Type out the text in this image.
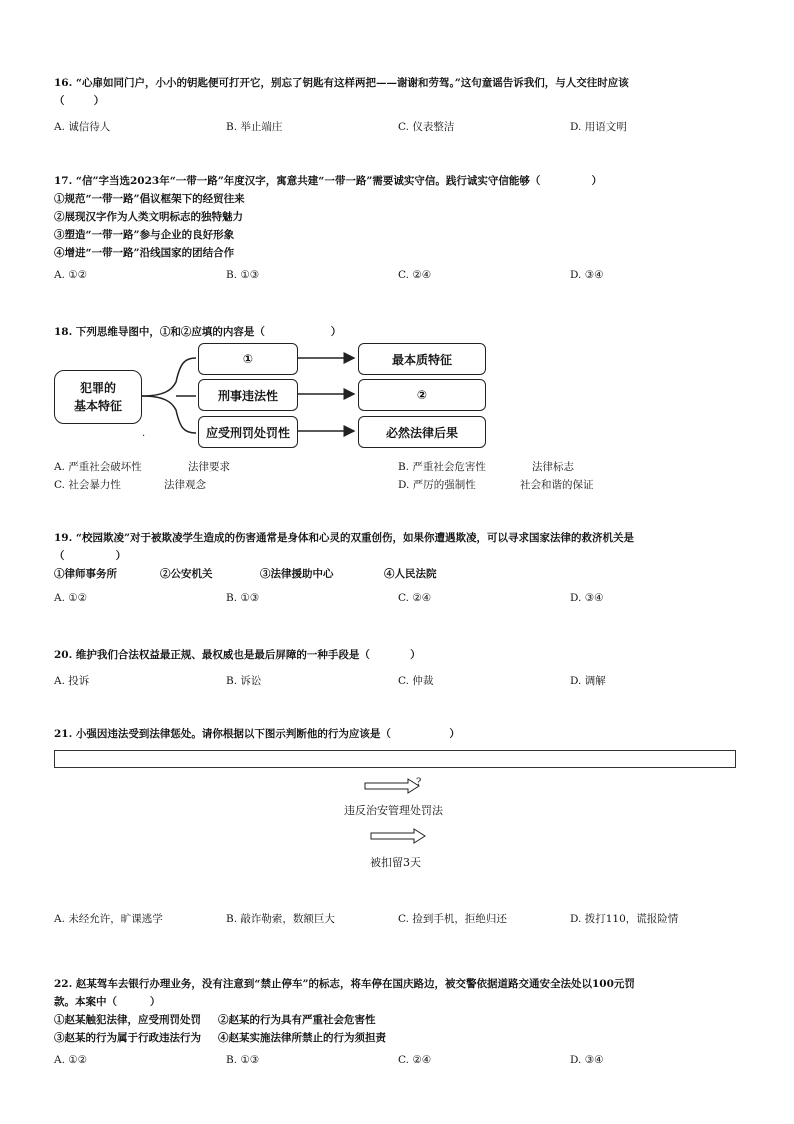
16. “心扉如同门户，小小的钥匙便可打开它，别忘了钥匙有这样两把——谢谢和劳驾。”这句童谣告诉我们，与人交往时应该
（        ）
A. 诚信待人	B. 举止端庄	C. 仪表整洁	D. 用语文明
17. “信”字当选2023年“一带一路”年度汉字，寓意共建“一带一路”需要诚实守信。践行诚实守信能够（              ）
①规范“一带一路”倡议框架下的经贸往来
②展现汉字作为人类文明标志的独特魅力
③塑造“一带一路”参与企业的良好形象
④增进“一带一路”沿线国家的团结合作
A. ①②	B. ①③	C. ②④	D. ③④
18. 下列思维导图中，①和②应填的内容是（                  ）
犯罪的
基本特征
①
刑事违法性
应受刑罚处罚性
最本质特征
②
必然法律后果
.
A. 严重社会破坏性	法律要求	B. 严重社会危害性	法律标志
C. 社会暴力性	法律观念	D. 严厉的强制性	社会和谐的保证
19. “校园欺凌”对于被欺凌学生造成的伤害通常是身体和心灵的双重创伤，如果你遭遇欺凌，可以寻求国家法律的救济机关是
（              ）
①律师事务所	②公安机关	③法律援助中心	④人民法院
A. ①②	B. ①③	C. ②④	D. ③④
20. 维护我们合法权益最正规、最权威也是最后屏障的一种手段是（           ）
A. 投诉	B. 诉讼	C. 仲裁	D. 调解
21. 小强因违法受到法律惩处。请你根据以下图示判断他的行为应该是（                ）
?
违反治安管理处罚法
被扣留3天
A. 未经允许，旷课逃学	B. 敲诈勒索，数额巨大	C. 捡到手机，拒绝归还	D. 拨打110，谎报险情
22. 赵某驾车去银行办理业务，没有注意到“禁止停车”的标志，将车停在国庆路边，被交警依据道路交通安全法处以100元罚
款。本案中（         ）
①赵某触犯法律，应受刑罚处罚 ②赵某的行为具有严重社会危害性
③赵某的行为属于行政违法行为 ④赵某实施法律所禁止的行为须担责
A. ①②	B. ①③	C. ②④	D. ③④
